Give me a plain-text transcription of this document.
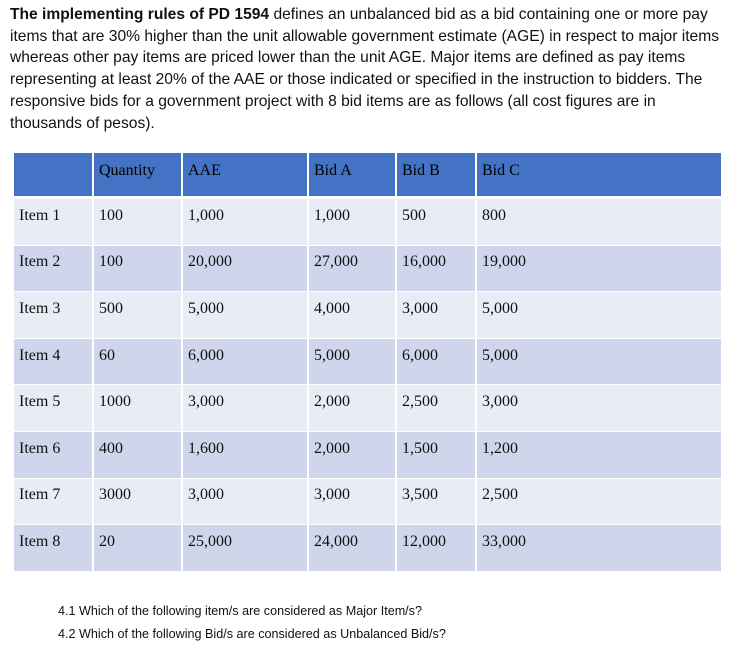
The implementing rules of PD 1594 defines an unbalanced bid as a bid containing one or more pay items that are 30% higher than the unit allowable government estimate (AGE) in respect to major items whereas other pay items are priced lower than the unit AGE. Major items are defined as pay items representing at least 20% of the AAE or those indicated or specified in the instruction to bidders. The responsive bids for a government project with 8 bid items are as follows (all cost figures are in thousands of pesos).

	Quantity	AAE	Bid A	Bid B	Bid C
Item 1	100	1,000	1,000	500	800
Item 2	100	20,000	27,000	16,000	19,000
Item 3	500	5,000	4,000	3,000	5,000
Item 4	60	6,000	5,000	6,000	5,000
Item 5	1000	3,000	2,000	2,500	3,000
Item 6	400	1,600	2,000	1,500	1,200
Item 7	3000	3,000	3,000	3,500	2,500
Item 8	20	25,000	24,000	12,000	33,000
4.1 Which of the following item/s are considered as Major Item/s?
4.2 Which of the following Bid/s are considered as Unbalanced Bid/s?
